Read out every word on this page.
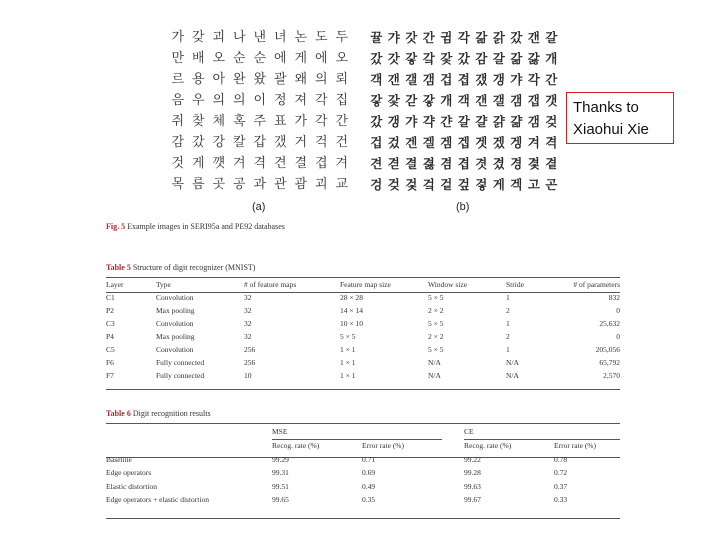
가 갖 괴 나 낸 녀 논 도 두
만 배 오 순 순 에 게 에 오
르 용 아 완 왔 괄 왜 의 뢰
음 우 의 의 이 정 져 각 집
쥐 찾 체 혹 주 표 가 각 간
감 갔 강 칼 갑 갰 거 걱 건
것 게 꺳 겨 격 견 결 겹 겨
목 름 곳 공 과 관 괌 괴 교
뀰 갸 갓 간 귐 각 갊 갉 갔 갠 갈
갔 갓 갛 갘 갗 갔 감 갈 갊 갏 개
객 갠 갤 갬 겁 겹 갰 갱 갸 각 간
갛 갗 갇 갛 개 객 갠 갤 갬 갭 갯
갔 갱 갸 갹 갼 갈 걀 걁 걂 갬 겆
겁 겄 겐 겔 겜 겝 겟 겠 겡 겨 격
견 겯 결 겷 겸 겹 겻 겼 경 겿 곁
겅 겆 겇 겈 겉 겊 겋 게 겍 고 곤
(a)	(b)
Fig. 5 Example images in SERI95a and PE92 databases
Table 5 Structure of digit recognizer (MNIST)
Layer	Type	# of feature maps	Feature map size	Window size	Stride	# of parameters
C1	Convolution	32	28 × 28	5 × 5	1	832
P2	Max pooling	32	14 × 14	2 × 2	2	0
C3	Convolution	32	10 × 10	5 × 5	1	25,632
P4	Max pooling	32	5 × 5	2 × 2	2	0
C5	Convolution	256	1 × 1	5 × 5	1	205,056
F6	Fully connected	256	1 × 1	N/A	N/A	65,792
F7	Fully connected	10	1 × 1	N/A	N/A	2,570
Table 6 Digit recognition results
	MSE		CE	
	Recog. rate (%)	Error rate (%)	Recog. rate (%)	Error rate (%)
Baseline	99.29	0.71	99.22	0.78
Edge operators	99.31	0.69	99.28	0.72
Elastic distortion	99.51	0.49	99.63	0.37
Edge operators + elastic distortion	99.65	0.35	99.67	0.33
Thanks to
Xiaohui Xie
